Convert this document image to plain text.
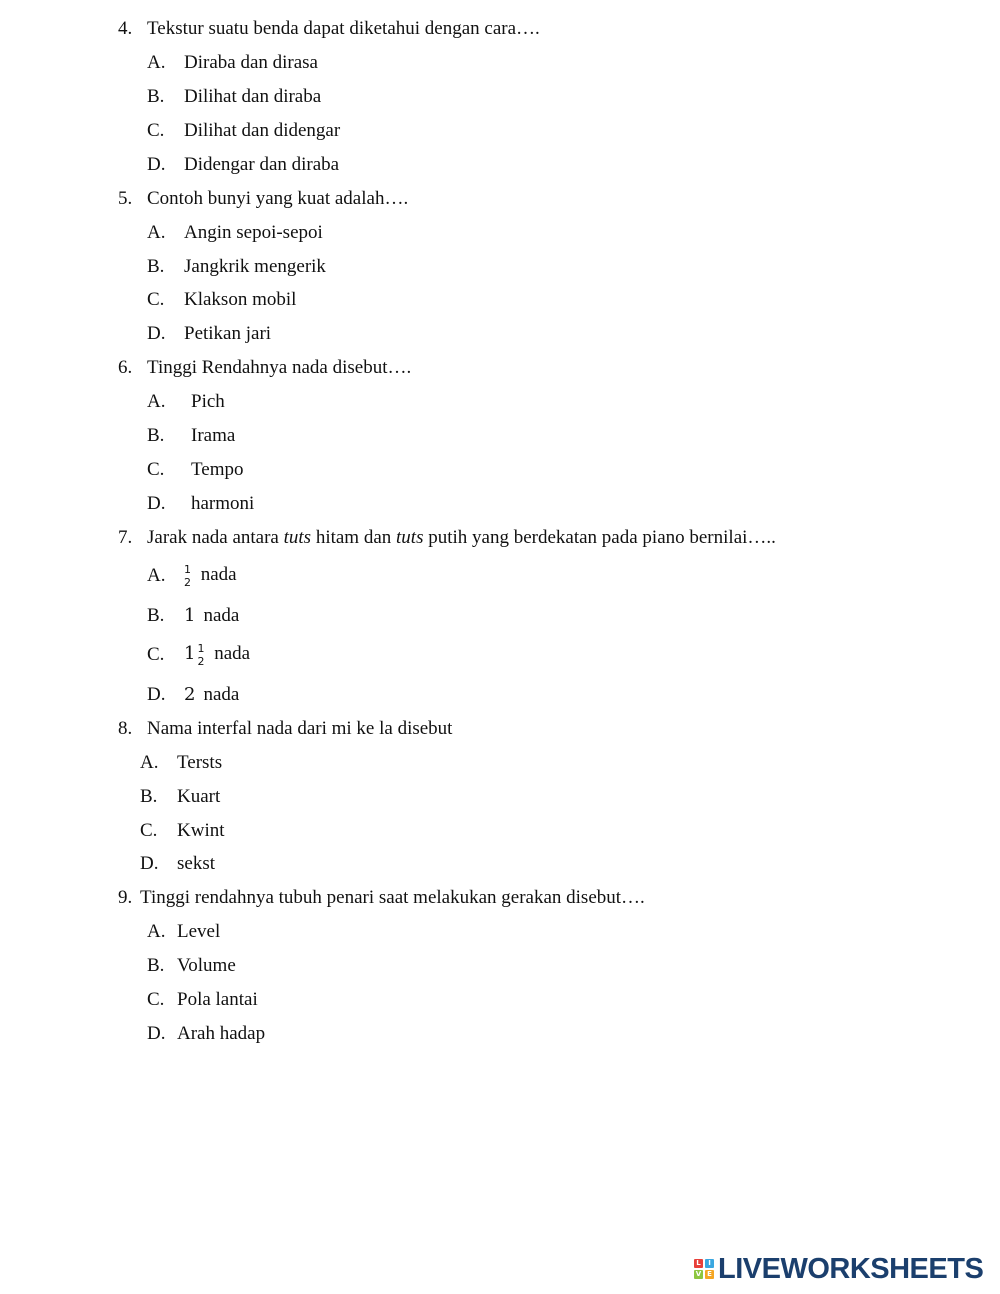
4. Tekstur suatu benda dapat diketahui dengan cara….
A. Diraba dan dirasa
B. Dilihat dan diraba
C. Dilihat dan didengar
D. Didengar dan diraba
5. Contoh bunyi yang kuat adalah….
A. Angin sepoi-sepoi
B. Jangkrik mengerik
C. Klakson mobil
D. Petikan jari
6. Tinggi Rendahnya nada disebut….
A. Pich
B. Irama
C. Tempo
D. harmoni
7. Jarak nada antara tuts hitam dan tuts putih yang berdekatan pada piano bernilai…..
A. 1
2 nada
B. 1 nada
C. 1 1
2 nada
D. 2 nada
8. Nama interfal nada dari mi ke la disebut
A. Tersts
B. Kuart
C. Kwint
D. sekst
9. Tinggi rendahnya tubuh penari saat melakukan gerakan disebut….
A. Level
B. Volume
C. Pola lantai
D. Arah hadap
L	I
V E LIVEWORKSHEETS
